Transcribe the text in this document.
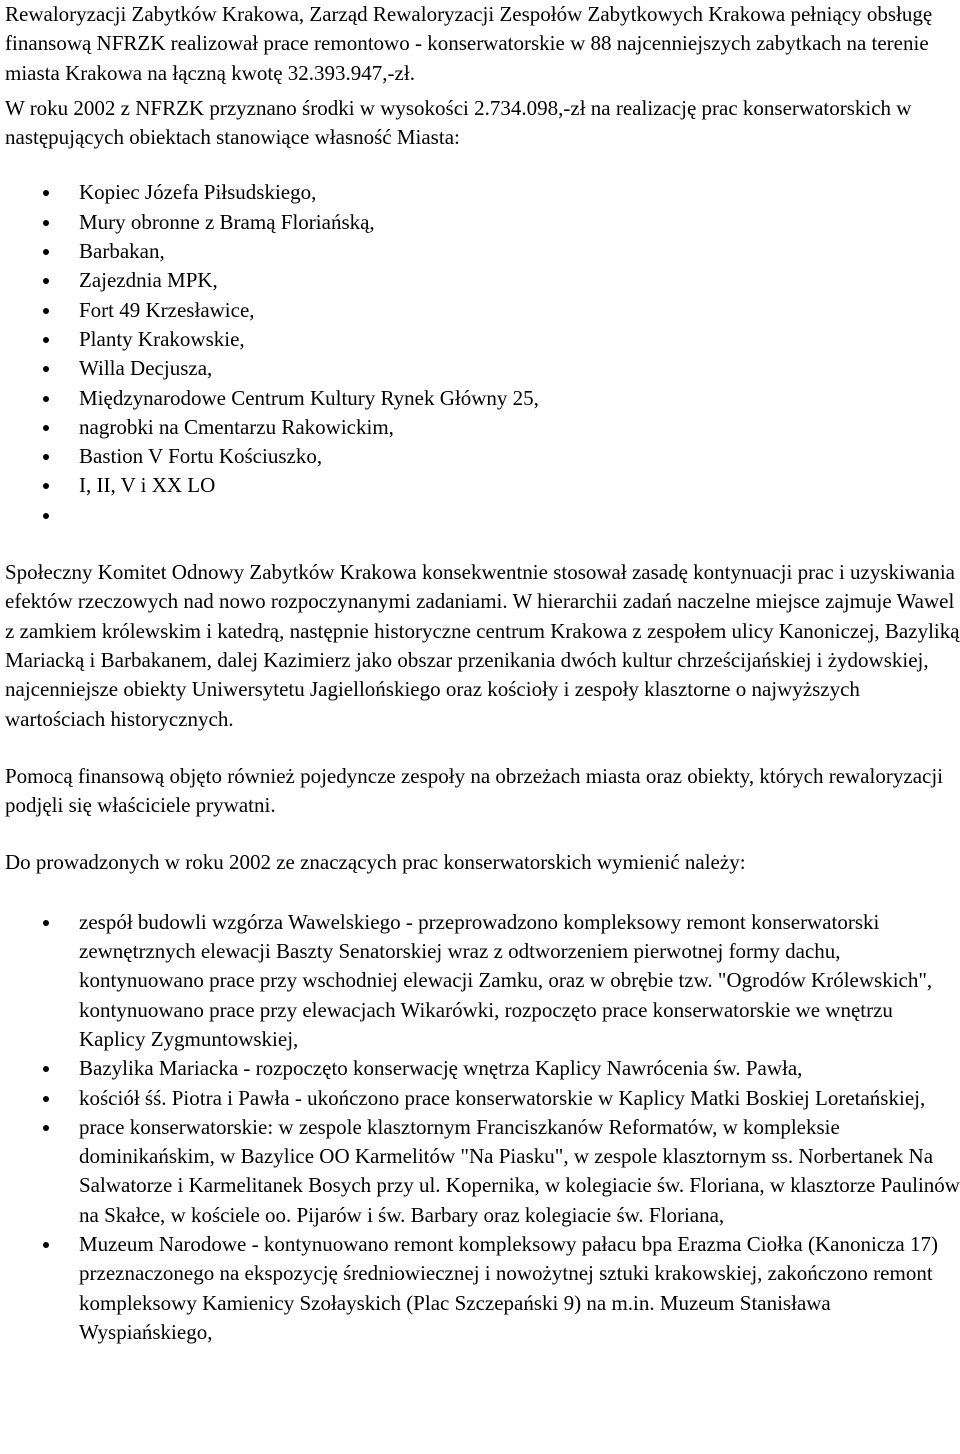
Rewaloryzacji Zabytków Krakowa, Zarząd Rewaloryzacji Zespołów Zabytkowych Krakowa pełniący obsługę finansową NFRZK realizował prace remontowo - konserwatorskie w 88 najcenniejszych zabytkach na terenie miasta Krakowa na łączną kwotę 32.393.947,-zł.

W roku 2002 z NFRZK przyznano środki w wysokości 2.734.098,-zł na realizację prac konserwatorskich w następujących obiektach stanowiące własność Miasta:

Kopiec Józefa Piłsudskiego,
Mury obronne z Bramą Floriańską,
Barbakan,
Zajezdnia MPK,
Fort 49 Krzesławice,
Planty Krakowskie,
Willa Decjusza,
Międzynarodowe Centrum Kultury Rynek Główny 25,
nagrobki na Cmentarzu Rakowickim,
Bastion V Fortu Kościuszko,
I, II, V i XX LO

Społeczny Komitet Odnowy Zabytków Krakowa konsekwentnie stosował zasadę kontynuacji prac i uzyskiwania efektów rzeczowych nad nowo rozpoczynanymi zadaniami. W hierarchii zadań naczelne miejsce zajmuje Wawel z zamkiem królewskim i katedrą, następnie historyczne centrum Krakowa z zespołem ulicy Kanoniczej, Bazyliką Mariacką i Barbakanem, dalej Kazimierz jako obszar przenikania dwóch kultur chrześcijańskiej i żydowskiej, najcenniejsze obiekty Uniwersytetu Jagiellońskiego oraz kościoły i zespoły klasztorne o najwyższych wartościach historycznych.

Pomocą finansową objęto również pojedyncze zespoły na obrzeżach miasta oraz obiekty, których rewaloryzacji podjęli się właściciele prywatni.

Do prowadzonych w roku 2002 ze znaczących prac konserwatorskich wymienić należy:

zespół budowli wzgórza Wawelskiego - przeprowadzono kompleksowy remont konserwatorski zewnętrznych elewacji Baszty Senatorskiej wraz z odtworzeniem pierwotnej formy dachu, kontynuowano prace przy wschodniej elewacji Zamku, oraz w obrębie tzw. "Ogrodów Królewskich", kontynuowano prace przy elewacjach Wikarówki, rozpoczęto prace konserwatorskie we wnętrzu Kaplicy Zygmuntowskiej,
Bazylika Mariacka - rozpoczęto konserwację wnętrza Kaplicy Nawrócenia św. Pawła,
kościół śś. Piotra i Pawła - ukończono prace konserwatorskie w Kaplicy Matki Boskiej Loretańskiej,
prace konserwatorskie: w zespole klasztornym Franciszkanów Reformatów, w kompleksie dominikańskim, w Bazylice OO Karmelitów "Na Piasku", w zespole klasztornym ss. Norbertanek Na Salwatorze i Karmelitanek Bosych przy ul. Kopernika, w kolegiacie św. Floriana, w klasztorze Paulinów na Skałce, w kościele oo. Pijarów i św. Barbary oraz kolegiacie św. Floriana,
Muzeum Narodowe - kontynuowano remont kompleksowy pałacu bpa Erazma Ciołka (Kanonicza 17) przeznaczonego na ekspozycję średniowiecznej i nowożytnej sztuki krakowskiej, zakończono remont kompleksowy Kamienicy Szołayskich (Plac Szczepański 9) na m.in. Muzeum Stanisława Wyspiańskiego,
